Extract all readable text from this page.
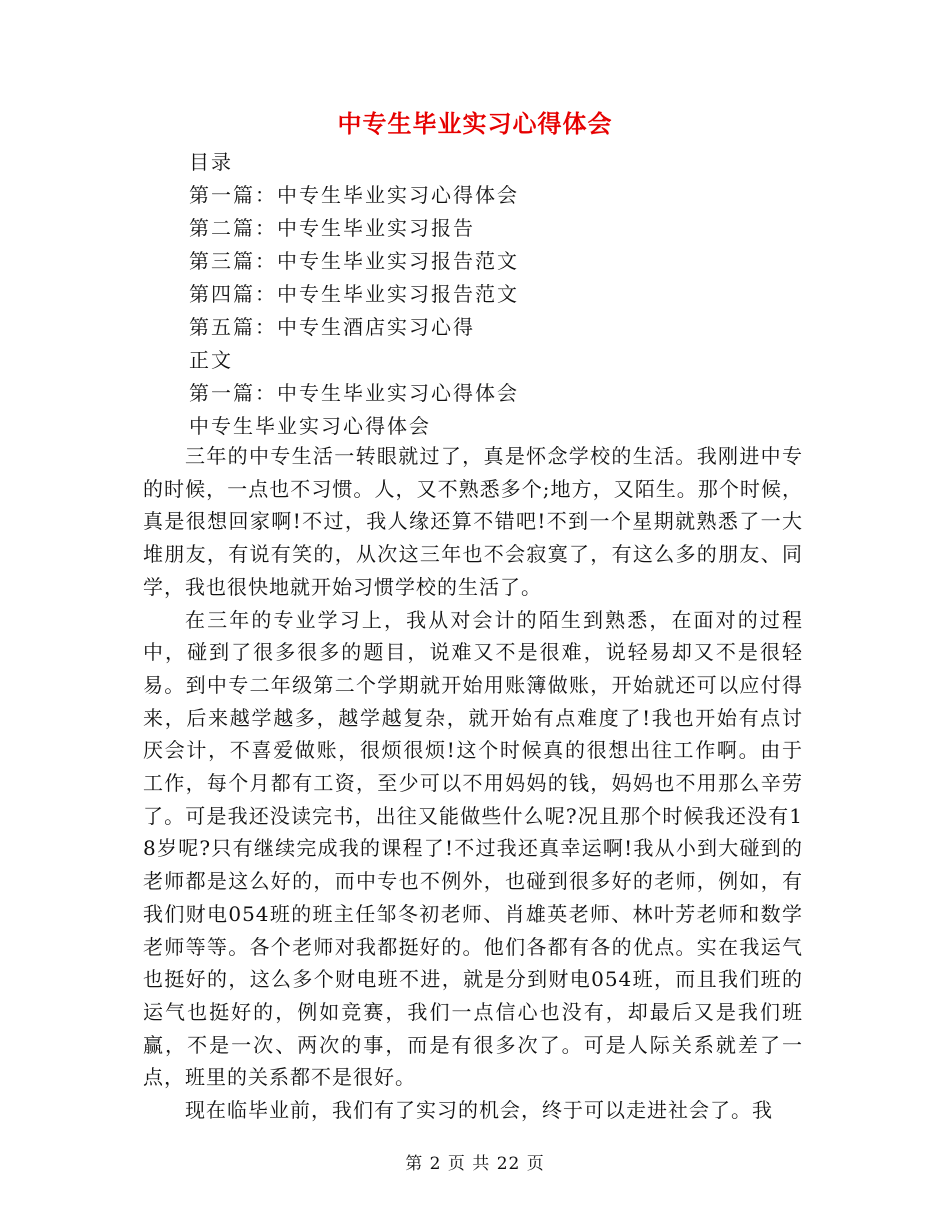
中专生毕业实习心得体会
目录
第一篇：中专生毕业实习心得体会
第二篇：中专生毕业实习报告
第三篇：中专生毕业实习报告范文
第四篇：中专生毕业实习报告范文
第五篇：中专生酒店实习心得
正文
第一篇：中专生毕业实习心得体会
中专生毕业实习心得体会

三年的中专生活一转眼就过了，真是怀念学校的生活。我刚进中专的时候，一点也不习惯。人，又不熟悉多个;地方，又陌生。那个时候，真是很想回家啊!不过，我人缘还算不错吧!不到一个星期就熟悉了一大堆朋友，有说有笑的，从次这三年也不会寂寞了，有这么多的朋友、同学，我也很快地就开始习惯学校的生活了。

在三年的专业学习上，我从对会计的陌生到熟悉，在面对的过程中，碰到了很多很多的题目，说难又不是很难，说轻易却又不是很轻易。到中专二年级第二个学期就开始用账簿做账，开始就还可以应付得来，后来越学越多，越学越复杂，就开始有点难度了!我也开始有点讨厌会计，不喜爱做账，很烦很烦!这个时候真的很想出往工作啊。由于工作，每个月都有工资，至少可以不用妈妈的钱，妈妈也不用那么辛劳了。可是我还没读完书，出往又能做些什么呢?况且那个时候我还没有18岁呢?只有继续完成我的课程了!不过我还真幸运啊!我从小到大碰到的老师都是这么好的，而中专也不例外，也碰到很多好的老师，例如，有我们财电054班的班主任邹冬初老师、肖雄英老师、林叶芳老师和数学老师等等。各个老师对我都挺好的。他们各都有各的优点。实在我运气也挺好的，这么多个财电班不进，就是分到财电054班，而且我们班的运气也挺好的，例如竞赛，我们一点信心也没有，却最后又是我们班赢，不是一次、两次的事，而是有很多次了。可是人际关系就差了一点，班里的关系都不是很好。

现在临毕业前，我们有了实习的机会，终于可以走进社会了。我

第 2 页 共 22 页
